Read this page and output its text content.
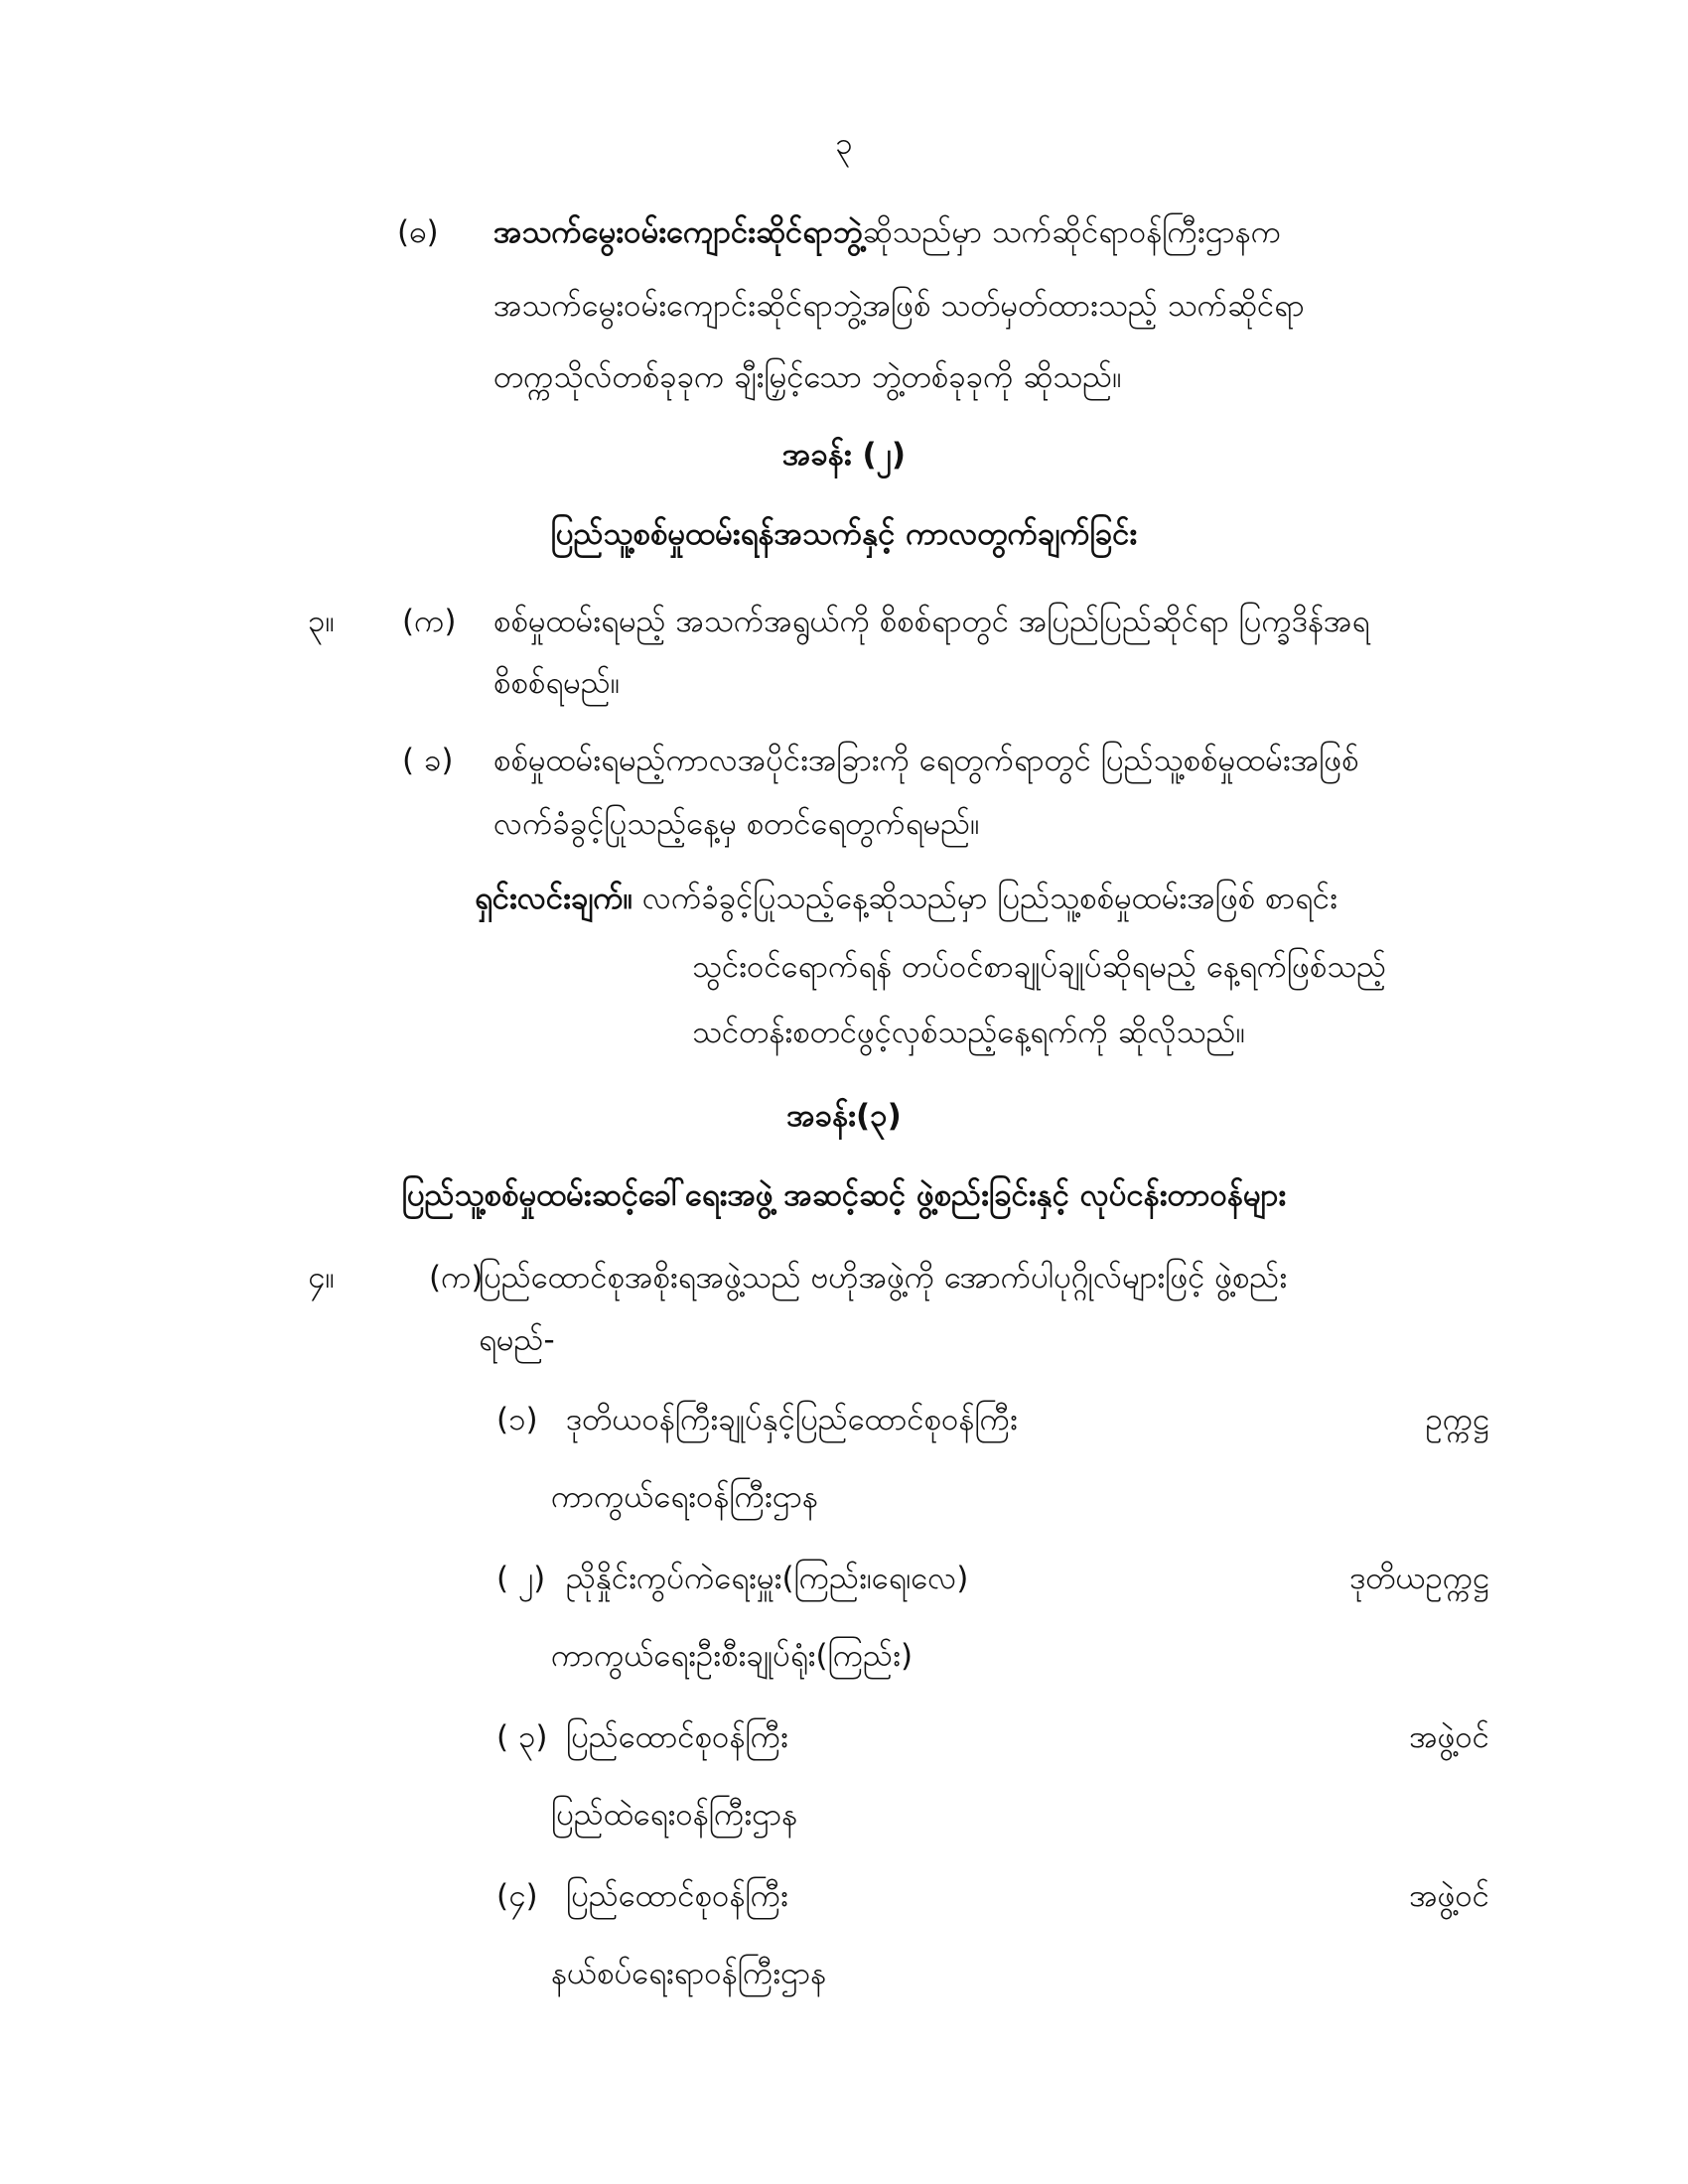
၃
(ဓ) အသက်မွေးဝမ်းကျောင်းဆိုင်ရာဘွဲ့ဆိုသည်မှာ သက်ဆိုင်ရာဝန်ကြီးဌာနက
အသက်မွေးဝမ်းကျောင်းဆိုင်ရာဘွဲ့အဖြစ် သတ်မှတ်ထားသည့် သက်ဆိုင်ရာ
တက္ကသိုလ်တစ်ခုခုက ချီးမြှင့်သော ဘွဲ့တစ်ခုခုကို ဆိုသည်။
အခန်း (၂)
ပြည်သူ့စစ်မှုထမ်းရန်အသက်နှင့် ကာလတွက်ချက်ခြင်း
၃။ (က) စစ်မှုထမ်းရမည့် အသက်အရွယ်ကို စိစစ်ရာတွင် အပြည်ပြည်ဆိုင်ရာ ပြက္ခဒိန်အရ
စိစစ်ရမည်။
( ခ) စစ်မှုထမ်းရမည့်ကာလအပိုင်းအခြားကို ရေတွက်ရာတွင် ပြည်သူ့စစ်မှုထမ်းအဖြစ်
လက်ခံခွင့်ပြုသည့်နေ့မှ စတင်ရေတွက်ရမည်။
ရှင်းလင်းချက်။ လက်ခံခွင့်ပြုသည့်နေ့ဆိုသည်မှာ ပြည်သူ့စစ်မှုထမ်းအဖြစ် စာရင်း
သွင်းဝင်ရောက်ရန် တပ်ဝင်စာချုပ်ချုပ်ဆိုရမည့် နေ့ရက်ဖြစ်သည့်
သင်တန်းစတင်ဖွင့်လှစ်သည့်နေ့ရက်ကို ဆိုလိုသည်။
အခန်း(၃)
ပြည်သူ့စစ်မှုထမ်းဆင့်ခေါ်ရေးအဖွဲ့ အဆင့်ဆင့် ဖွဲ့စည်းခြင်းနှင့် လုပ်ငန်းတာဝန်များ
၄။	(က)
ပြည်ထောင်စုအစိုးရအဖွဲ့သည် ဗဟိုအဖွဲ့ကို အောက်ပါပုဂ္ဂိုလ်များဖြင့် ဖွဲ့စည်း
ရမည်-
(၁) ဒုတိယဝန်ကြီးချုပ်နှင့်ပြည်ထောင်စုဝန်ကြီး	ဥက္ကဋ္ဌ
ကာကွယ်ရေးဝန်ကြီးဌာန
( ၂) ညိုနှိုင်းကွပ်ကဲရေးမှူး(ကြည်း၊ရေ၊လေ)	ဒုတိယဥက္ကဋ္ဌ
ကာကွယ်ရေးဦးစီးချုပ်ရုံး(ကြည်း)
( ၃) ပြည်ထောင်စုဝန်ကြီး	အဖွဲ့ဝင်
ပြည်ထဲရေးဝန်ကြီးဌာန
(၄) ပြည်ထောင်စုဝန်ကြီး	အဖွဲ့ဝင်
နယ်စပ်ရေးရာဝန်ကြီးဌာန
